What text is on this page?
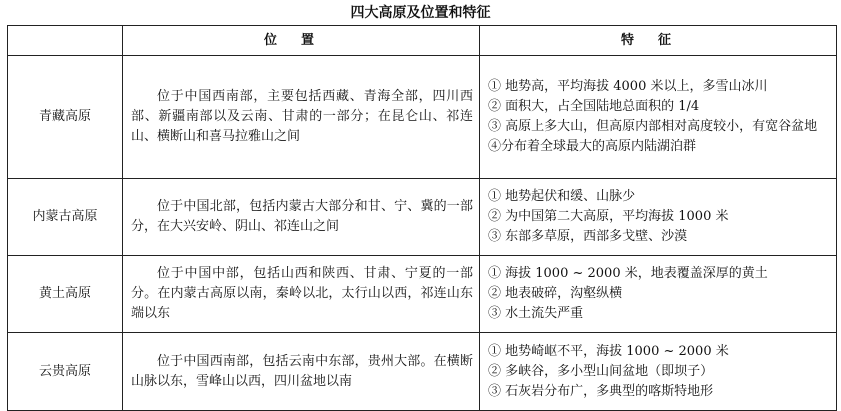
四大高原及位置和特征
	位置	特征
青藏高原	位于中国西南部，主要包括西藏、青海全部，四川西部、新疆南部以及云南、甘肃的一部分；在昆仑山、祁连山、横断山和喜马拉雅山之间	① 地势高，平均海拔 4000 米以上，多雪山冰川
② 面积大，占全国陆地总面积的 1/4
③ 高原上多大山，但高原内部相对高度较小，有宽谷盆地
④分布着全球最大的高原内陆湖泊群

内蒙古高原	位于中国北部，包括内蒙古大部分和甘、宁、冀的一部分，在大兴安岭、阴山、祁连山之间	① 地势起伏和缓、山脉少
② 为中国第二大高原，平均海拔 1000 米
③ 东部多草原，西部多戈壁、沙漠

黄土高原	位于中国中部，包括山西和陕西、甘肃、宁夏的一部分。在内蒙古高原以南，秦岭以北，太行山以西，祁连山东端以东	① 海拔 1000 ~ 2000 米，地表覆盖深厚的黄土
② 地表破碎，沟壑纵横
③ 水土流失严重

云贵高原	位于中国西南部，包括云南中东部，贵州大部。在横断山脉以东，雪峰山以西，四川盆地以南	① 地势崎岖不平，海拔 1000 ~ 2000 米
② 多峡谷，多小型山间盆地（即坝子）
③ 石灰岩分布广，多典型的喀斯特地形
